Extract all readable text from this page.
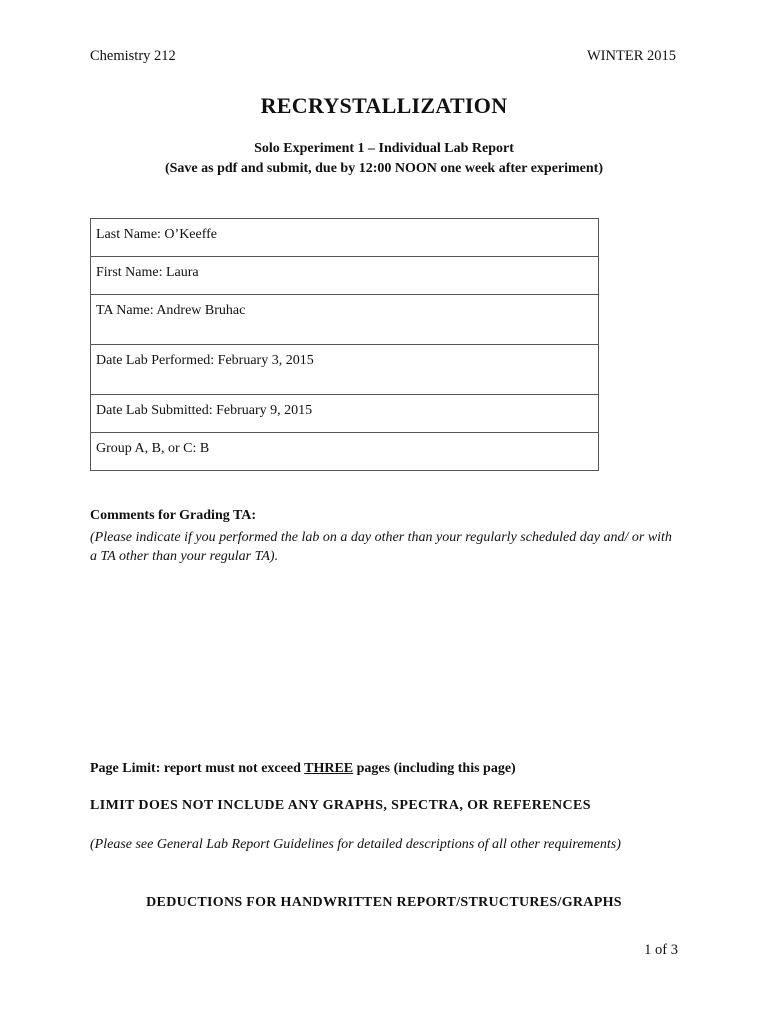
Chemistry 212	WINTER 2015
RECRYSTALLIZATION
Solo Experiment 1 – Individual Lab Report
(Save as pdf and submit, due by 12:00 NOON one week after experiment)
Last Name: O’Keeffe
First Name: Laura
TA Name: Andrew Bruhac
Date Lab Performed: February 3, 2015
Date Lab Submitted: February 9, 2015
Group A, B, or C: B
Comments for Grading TA:
(Please indicate if you performed the lab on a day other than your regularly scheduled day and/ or with a TA other than your regular TA).
Page Limit: report must not exceed THREE pages (including this page)
LIMIT DOES NOT INCLUDE ANY GRAPHS, SPECTRA, OR REFERENCES
(Please see General Lab Report Guidelines for detailed descriptions of all other requirements)
DEDUCTIONS FOR HANDWRITTEN REPORT/STRUCTURES/GRAPHS
1 of 3
